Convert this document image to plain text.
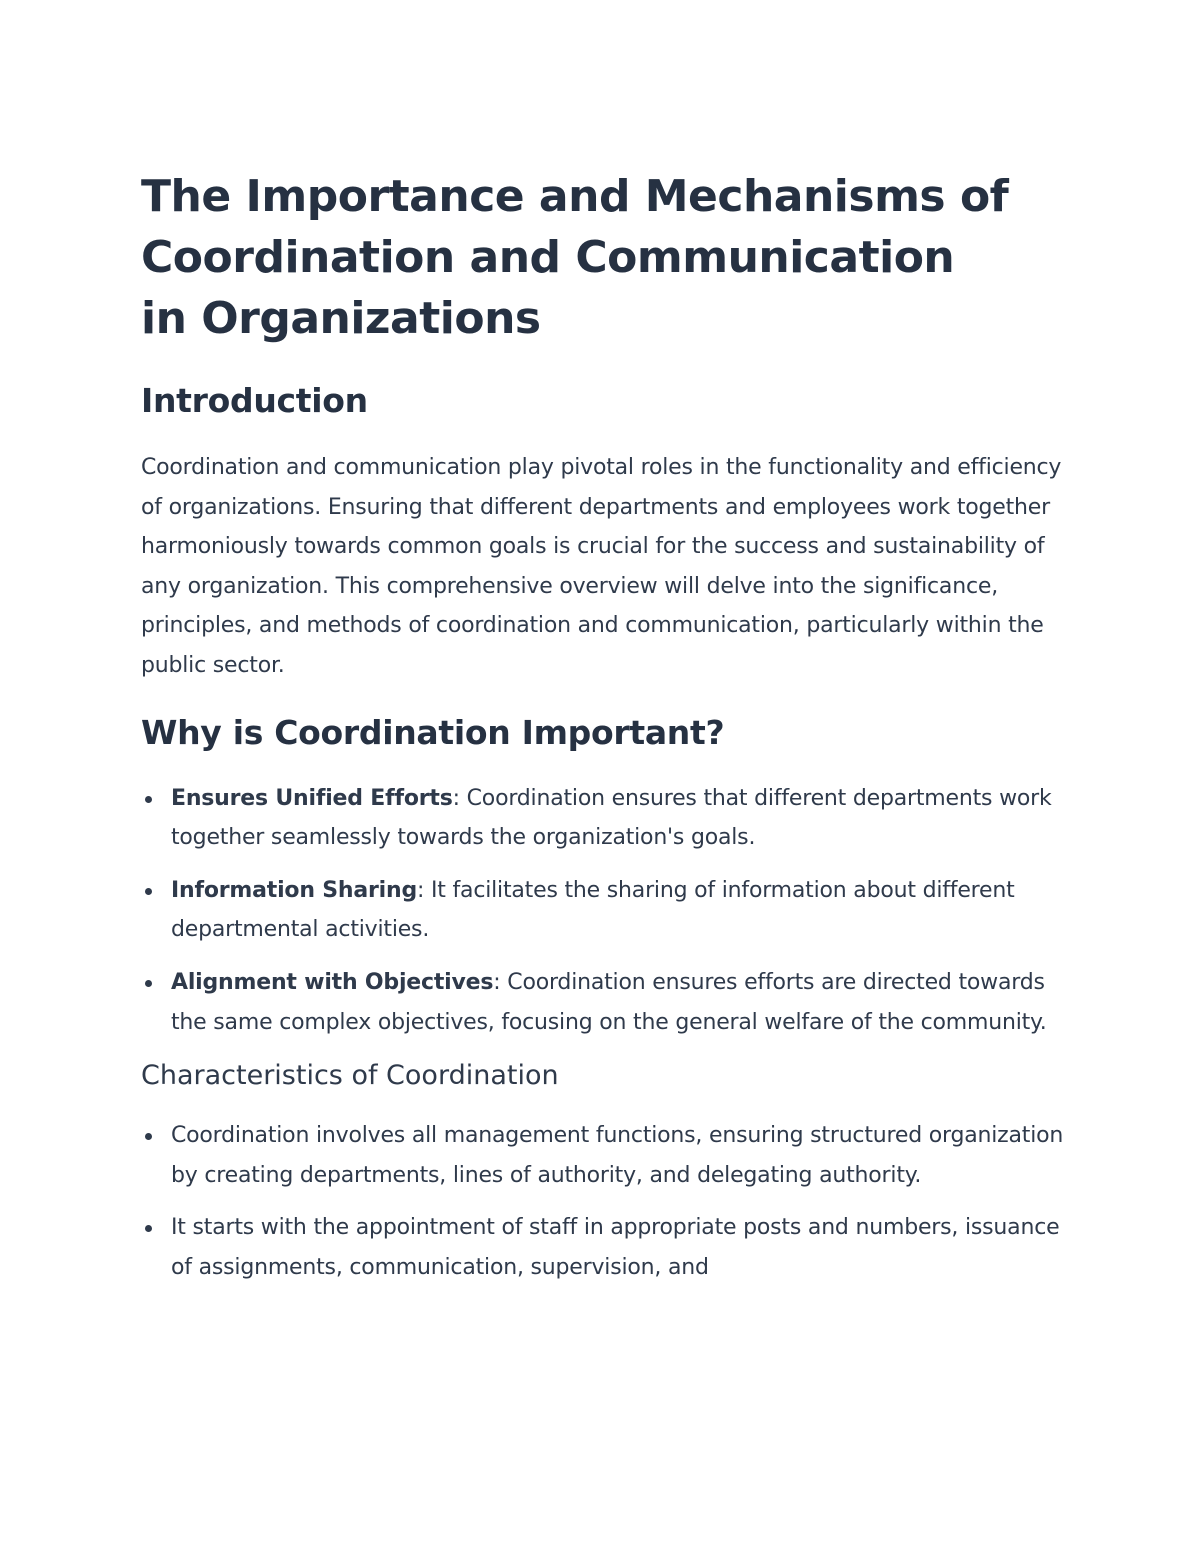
The Importance and Mechanisms of Coordination and Communication in Organizations
Introduction

Coordination and communication play pivotal roles in the functionality and efficiency of organizations. Ensuring that different departments and employees work together harmoniously towards common goals is crucial for the success and sustainability of any organization. This comprehensive overview will delve into the significance, principles, and methods of coordination and communication, particularly within the public sector.

Why is Coordination Important?
Ensures Unified Efforts: Coordination ensures that different departments work together seamlessly towards the organization's goals.
Information Sharing: It facilitates the sharing of information about different departmental activities.
Alignment with Objectives: Coordination ensures efforts are directed towards the same complex objectives, focusing on the general welfare of the community.
Characteristics of Coordination
Coordination involves all management functions, ensuring structured organization by creating departments, lines of authority, and delegating authority.
It starts with the appointment of staff in appropriate posts and numbers, issuance of assignments, communication, supervision, and
